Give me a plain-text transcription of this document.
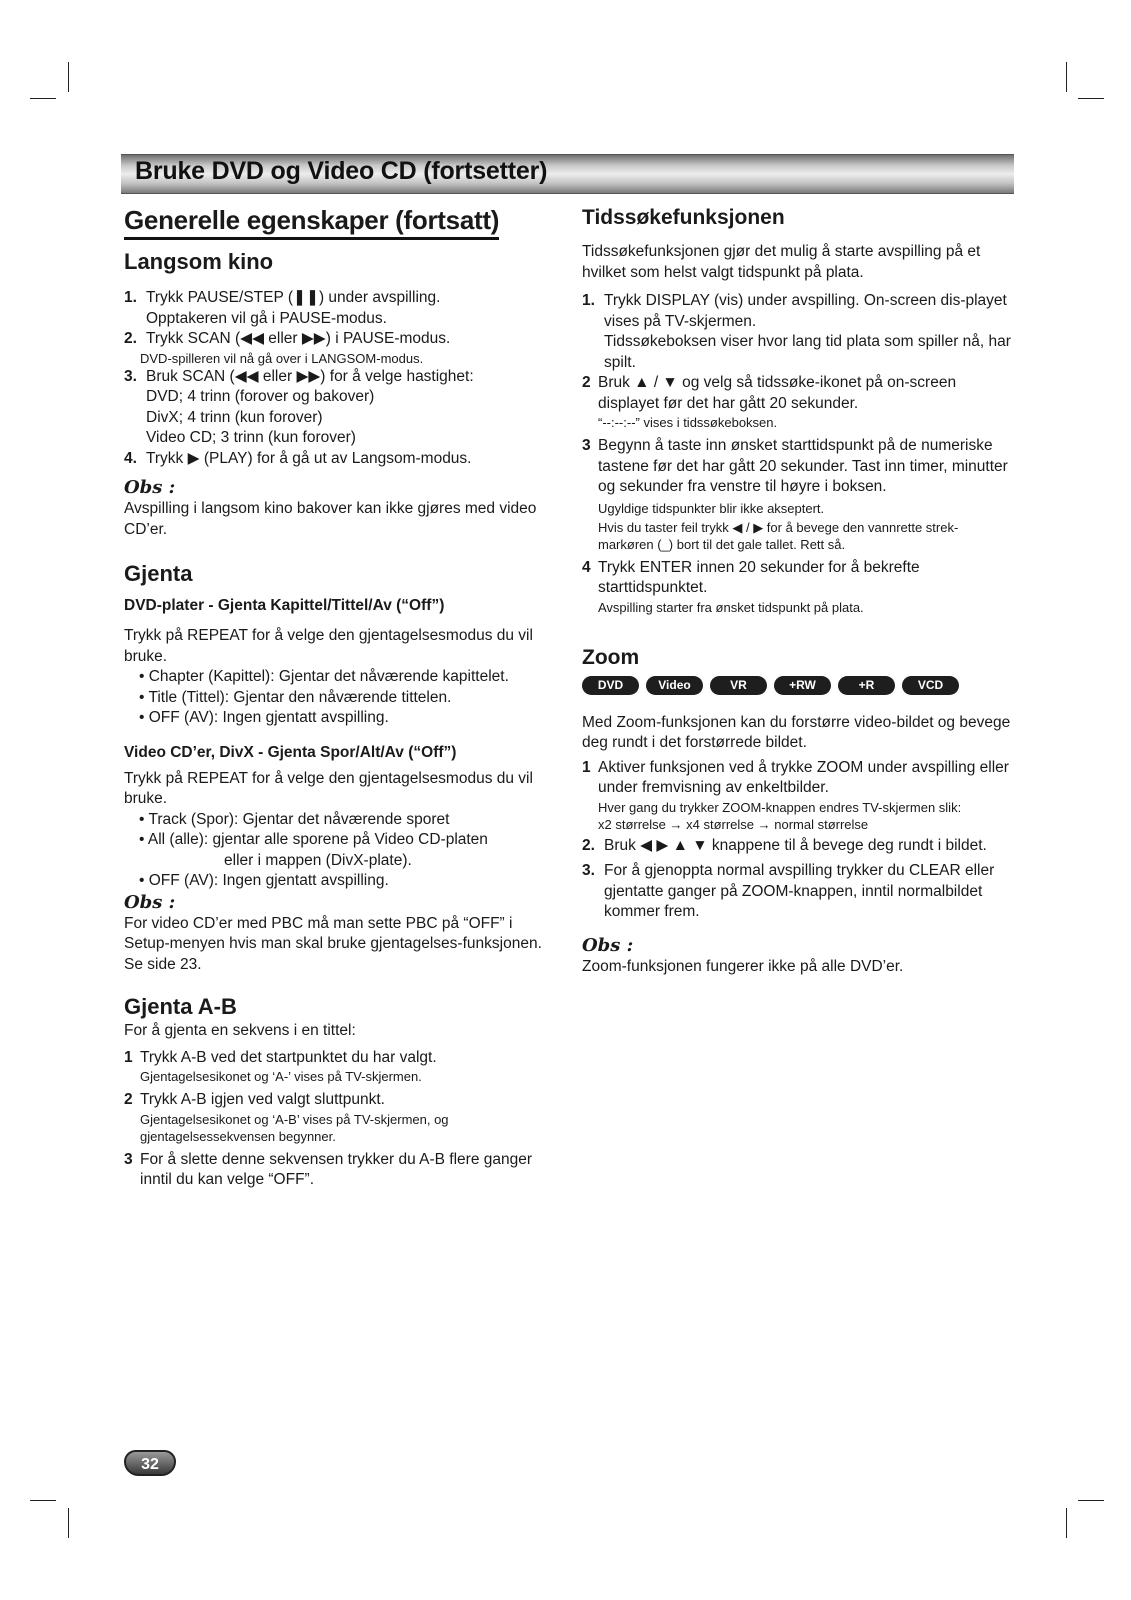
Bruke DVD og Video CD (fortsetter)
Generelle egenskaper (fortsatt)
Langsom kino
1. Trykk PAUSE/STEP (❚❚) under avspilling.
Opptakeren vil gå i PAUSE-modus.
2. Trykk SCAN (◀◀ eller ▶▶) i PAUSE-modus.
DVD-spilleren vil nå gå over i LANGSOM-modus.
3. Bruk SCAN (◀◀ eller ▶▶) for å velge hastighet:
DVD; 4 trinn (forover og bakover)
DivX; 4 trinn (kun forover)
Video CD; 3 trinn (kun forover)
4. Trykk ▶ (PLAY) for å gå ut av Langsom-modus.
Obs :
Avspilling i langsom kino bakover kan ikke gjøres med video CD’er.
Gjenta
DVD-plater - Gjenta Kapittel/Tittel/Av (“Off”)
Trykk på REPEAT for å velge den gjentagelsesmodus du vil bruke.
• Chapter (Kapittel): Gjentar det nåværende kapittelet.
• Title (Tittel): Gjentar den nåværende tittelen.
• OFF (AV): Ingen gjentatt avspilling.
Video CD’er, DivX - Gjenta Spor/Alt/Av (“Off”)
Trykk på REPEAT for å velge den gjentagelsesmodus du vil bruke.
• Track (Spor): Gjentar det nåværende sporet
• All (alle): gjentar alle sporene på Video CD-platen
eller i mappen (DivX-plate).
• OFF (AV): Ingen gjentatt avspilling.
Obs :
For video CD’er med PBC må man sette PBC på “OFF” i Setup-menyen hvis man skal bruke gjentagelses-funksjonen. Se side 23.
Gjenta A-B
For å gjenta en sekvens i en tittel:
1 Trykk A-B ved det startpunktet du har valgt.
Gjentagelsesikonet og ‘A-’ vises på TV-skjermen.
2 Trykk A-B igjen ved valgt sluttpunkt.
Gjentagelsesikonet og ‘A-B’ vises på TV-skjermen, og gjentagelsessekvensen begynner.
3 For å slette denne sekvensen trykker du A-B flere ganger inntil du kan velge “OFF”.
Tidssøkefunksjonen
Tidssøkefunksjonen gjør det mulig å starte avspilling på et hvilket som helst valgt tidspunkt på plata.
1. Trykk DISPLAY (vis) under avspilling. On-screen dis-playet vises på TV-skjermen.
Tidssøkeboksen viser hvor lang tid plata som spiller nå, har spilt.
2 Bruk ▲ / ▼ og velg så tidssøke-ikonet på on-screen displayet før det har gått 20 sekunder.
“--:--:--” vises i tidssøkeboksen.
3 Begynn å taste inn ønsket starttidspunkt på de numeriske tastene før det har gått 20 sekunder. Tast inn timer, minutter og sekunder fra venstre til høyre i boksen.
Ugyldige tidspunkter blir ikke akseptert.
Hvis du taster feil trykk ◀ / ▶ for å bevege den vannrette strek-markøren (_) bort til det gale tallet. Rett så.
4 Trykk ENTER innen 20 sekunder for å bekrefte starttidspunktet.
Avspilling starter fra ønsket tidspunkt på plata.
Zoom
DVD	Video	VR	+RW	+R	VCD
Med Zoom-funksjonen kan du forstørre video-bildet og bevege deg rundt i det forstørrede bildet.
1 Aktiver funksjonen ved å trykke ZOOM under avspilling eller under fremvisning av enkeltbilder.
Hver gang du trykker ZOOM-knappen endres TV-skjermen slik:
x2 størrelse → x4 størrelse → normal størrelse
2. Bruk ◀ ▶ ▲ ▼ knappene til å bevege deg rundt i bildet.
3. For å gjenoppta normal avspilling trykker du CLEAR eller gjentatte ganger på ZOOM-knappen, inntil normalbildet kommer frem.
Obs :
Zoom-funksjonen fungerer ikke på alle DVD’er.
32
